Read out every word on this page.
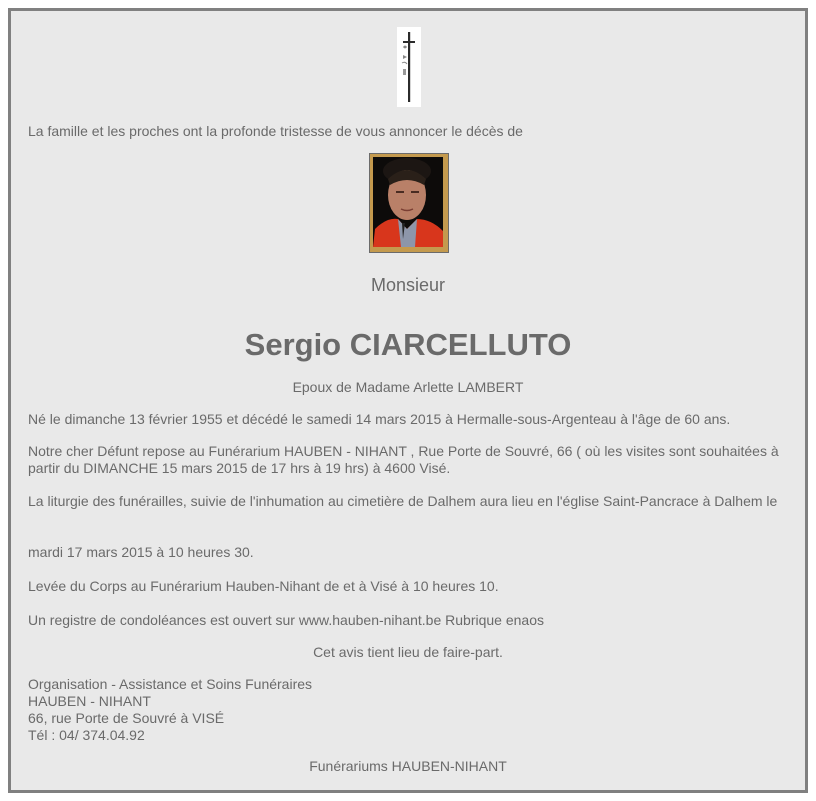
La famille et les proches ont la profonde tristesse de vous annoncer le décès de

Monsieur
Sergio CIARCELLUTO

Epoux de Madame Arlette LAMBERT

Né le dimanche 13 février 1955 et décédé le samedi 14 mars 2015 à Hermalle-sous-Argenteau à l'âge de 60 ans.

Notre cher Défunt repose au Funérarium HAUBEN - NIHANT , Rue Porte de Souvré, 66 ( où les visites sont souhaitées à partir du DIMANCHE 15 mars 2015 de 17 hrs à 19 hrs) à 4600 Visé.

La liturgie des funérailles, suivie de l'inhumation au cimetière de Dalhem aura lieu en l'église Saint-Pancrace à Dalhem le

mardi 17 mars 2015 à 10 heures 30.

Levée du Corps au Funérarium Hauben-Nihant de et à Visé à 10 heures 10.

Un registre de condoléances est ouvert sur www.hauben-nihant.be Rubrique enaos

Cet avis tient lieu de faire-part.

Organisation - Assistance et Soins Funéraires
HAUBEN - NIHANT
66, rue Porte de Souvré à VISÉ
Tél : 04/ 374.04.92

Funérariums HAUBEN-NIHANT
